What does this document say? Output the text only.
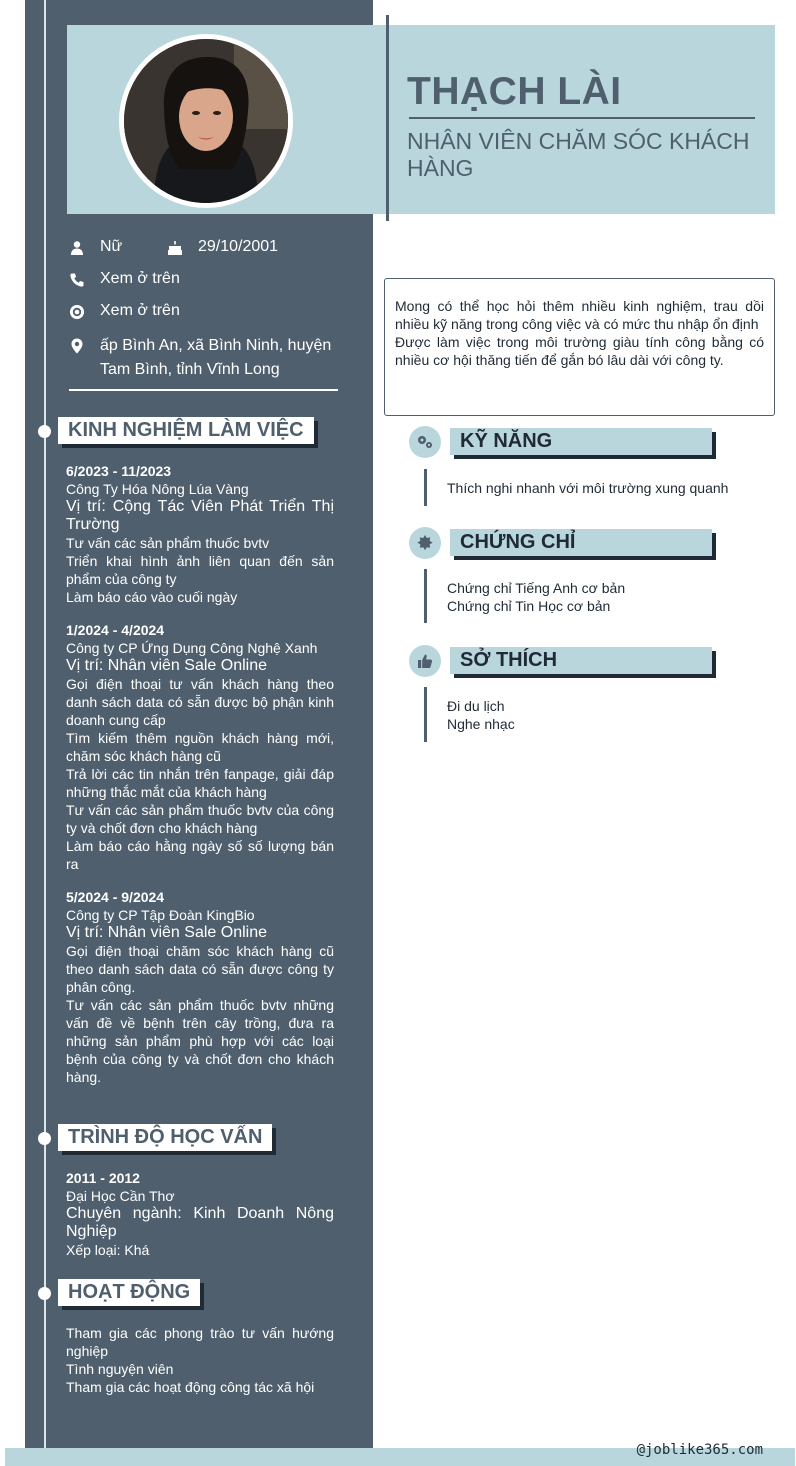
THẠCH LÀI
NHÂN VIÊN CHĂM SÓC KHÁCH HÀNG
Nữ	29/10/2001
Xem ở trên
Xem ở trên
ấp Bình An, xã Bình Ninh, huyện Tam Bình, tỉnh Vĩnh Long
KINH NGHIỆM LÀM VIỆC
6/2023 - 11/2023
Công Ty Hóa Nông Lúa Vàng

Vị trí: Cộng Tác Viên Phát Triển Thị Trường

Tư vấn các sản phẩm thuốc bvtv

Triển khai hình ảnh liên quan đến sản phẩm của công ty

Làm báo cáo vào cuối ngày

1/2024 - 4/2024
Công ty CP Ứng Dụng Công Nghệ Xanh

Vị trí: Nhân viên Sale Online

Gọi điện thoại tư vấn khách hàng theo danh sách data có sẵn được bộ phận kinh doanh cung cấp

Tìm kiếm thêm nguồn khách hàng mới, chăm sóc khách hàng cũ

Trả lời các tin nhắn trên fanpage, giải đáp những thắc mắt của khách hàng

Tư vấn các sản phẩm thuốc bvtv của công ty và chốt đơn cho khách hàng

Làm báo cáo hằng ngày số số lượng bán ra

5/2024 - 9/2024
Công ty CP Tập Đoàn KingBio

Vị trí: Nhân viên Sale Online

Gọi điện thoại chăm sóc khách hàng cũ theo danh sách data có sẵn được công ty phân công.

Tư vấn các sản phẩm thuốc bvtv những vấn đề về bệnh trên cây trồng, đưa ra những sản phẩm phù hợp với các loại bệnh của công ty và chốt đơn cho khách hàng.

TRÌNH ĐỘ HỌC VẤN
2011 - 2012
Đại Học Cần Thơ

Chuyên ngành: Kinh Doanh Nông Nghiệp

Xếp loại: Khá

HOẠT ĐỘNG

Tham gia các phong trào tư vấn hướng nghiệp

Tình nguyện viên

Tham gia các hoạt động công tác xã hội

Mong có thể học hỏi thêm nhiều kinh nghiệm, trau dồi nhiều kỹ năng trong công việc và có mức thu nhập ổn định

Được làm việc trong môi trường giàu tính công bằng có nhiều cơ hội thăng tiến để gắn bó lâu dài với công ty.

KỸ NĂNG

Thích nghi nhanh với môi trường xung quanh

CHỨNG CHỈ

Chứng chỉ Tiếng Anh cơ bản

Chứng chỉ Tin Học cơ bản

SỞ THÍCH

Đi du lịch

Nghe nhạc

@joblike365.com
